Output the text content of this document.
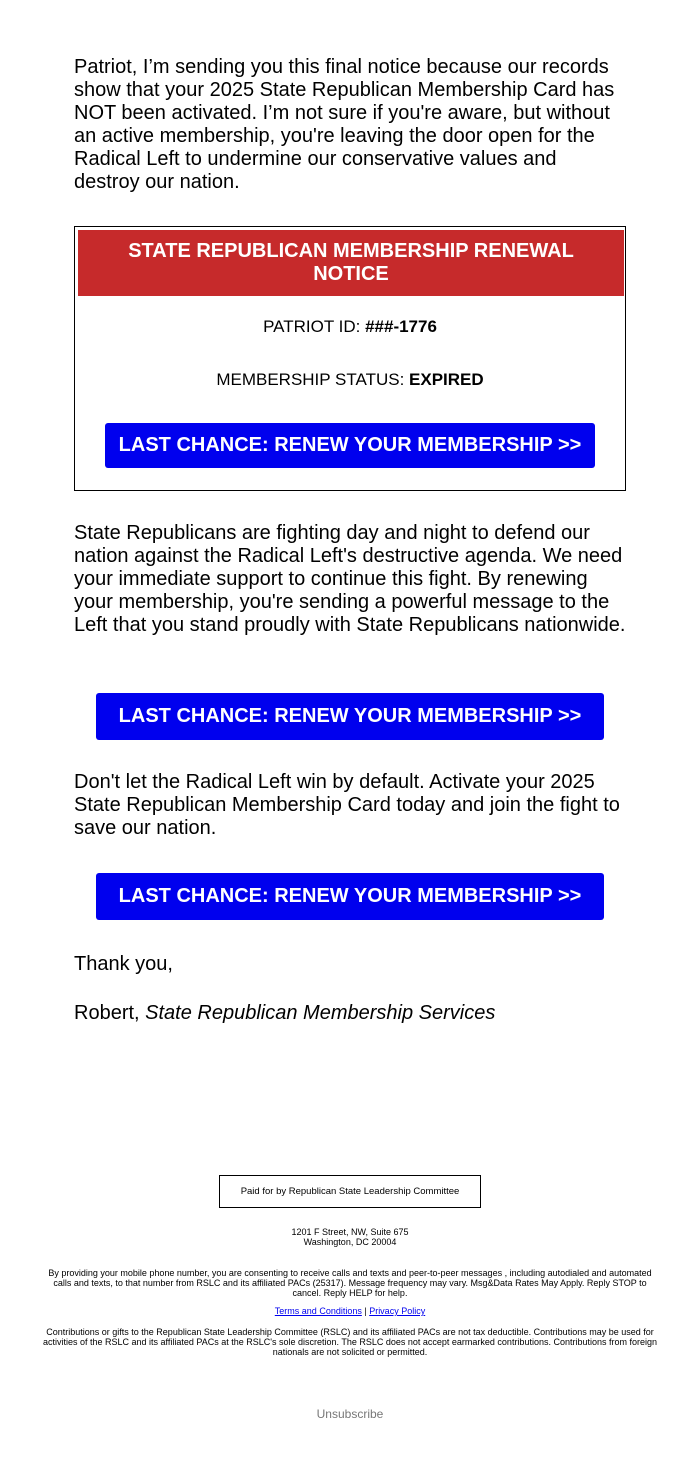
Patriot, I’m sending you this final notice because our records show that your 2025 State Republican Membership Card has NOT been activated. I’m not sure if you're aware, but without an active membership, you're leaving the door open for the Radical Left to undermine our conservative values and destroy our nation.

STATE REPUBLICAN MEMBERSHIP RENEWAL NOTICE
PATRIOT ID: ###-1776
MEMBERSHIP STATUS: EXPIRED
LAST CHANCE: RENEW YOUR MEMBERSHIP >>

State Republicans are fighting day and night to defend our nation against the Radical Left's destructive agenda. We need your immediate support to continue this fight. By renewing your membership, you're sending a powerful message to the Left that you stand proudly with State Republicans nationwide.

LAST CHANCE: RENEW YOUR MEMBERSHIP >>

Don't let the Radical Left win by default. Activate your 2025 State Republican Membership Card today and join the fight to save our nation.

LAST CHANCE: RENEW YOUR MEMBERSHIP >>

Thank you,

Robert, State Republican Membership Services

Paid for by Republican State Leadership Committee
1201 F Street, NW, Suite 675
Washington, DC 20004
By providing your mobile phone number, you are consenting to receive calls and texts and peer-to-peer messages , including autodialed and automated calls and texts, to that number from RSLC and its affiliated PACs (25317). Message frequency may vary. Msg&Data Rates May Apply. Reply STOP to cancel. Reply HELP for help.
Terms and Conditions | Privacy Policy
Contributions or gifts to the Republican State Leadership Committee (RSLC) and its affiliated PACs are not tax deductible. Contributions may be used for activities of the RSLC and its affiliated PACs at the RSLC's sole discretion. The RSLC does not accept earmarked contributions. Contributions from foreign nationals are not solicited or permitted.
Unsubscribe
